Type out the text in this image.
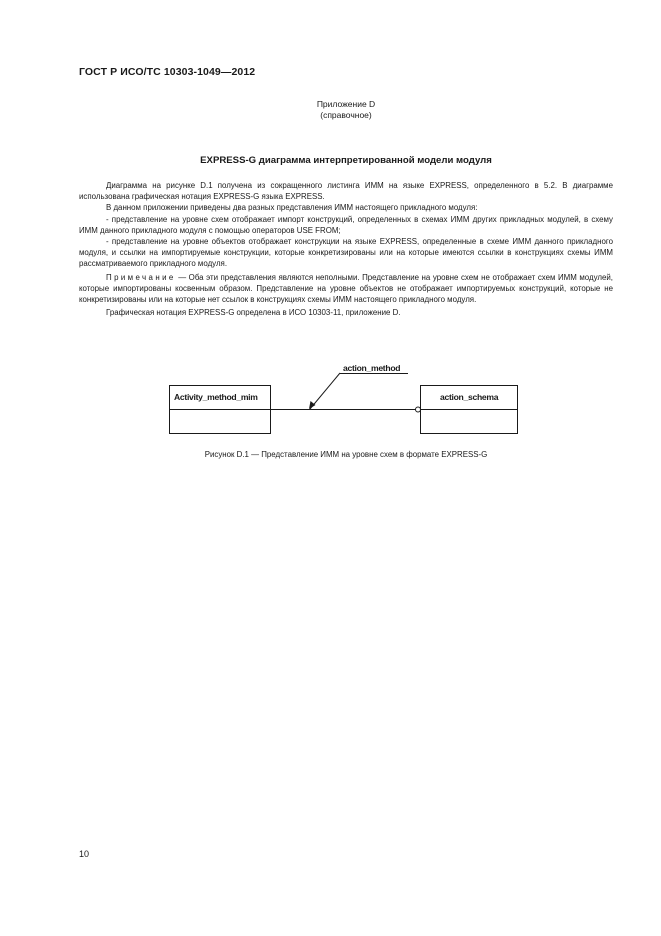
ГОСТ Р ИСО/ТС 10303-1049—2012
Приложение D
(справочное)
EXPRESS-G диаграмма интерпретированной модели модуля

Диаграмма на рисунке D.1 получена из сокращенного листинга ИММ на языке EXPRESS, определенного в 5.2. В диаграмме использована графическая нотация EXPRESS-G языка EXPRESS.

В данном приложении приведены два разных представления ИММ настоящего прикладного модуля:

- представление на уровне схем отображает импорт конструкций, определенных в схемах ИММ других прикладных модулей, в схему ИММ данного прикладного модуля с помощью операторов USE FROM;

- представление на уровне объектов отображает конструкции на языке EXPRESS, определенные в схеме ИММ данного прикладного модуля, и ссылки на импортируемые конструкции, которые конкретизированы или на которые имеются ссылки в конструкциях схемы ИММ рассматриваемого прикладного модуля.

Примечание — Оба эти представления являются неполными. Представление на уровне схем не отображает схем ИММ модулей, которые импортированы косвенным образом. Представление на уровне объектов не отображает импортируемых конструкций, которые не конкретизированы или на которые нет ссылок в конструкциях схемы ИММ настоящего прикладного модуля.

Графическая нотация EXPRESS-G определена в ИСО 10303-11, приложение D.

Activity_method_mim	action_schema
action_method
Рисунок D.1 — Представление ИММ на уровне схем в формате EXPRESS-G
10
